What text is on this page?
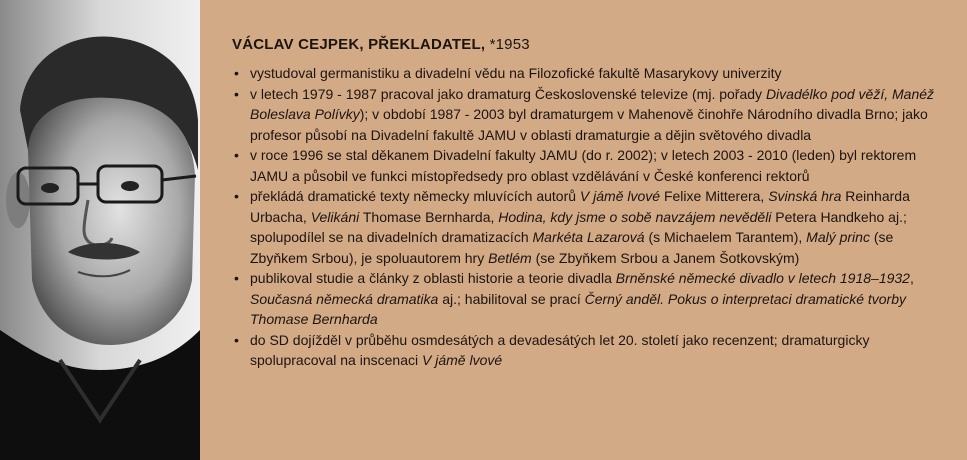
VÁCLAV CEJPEK, PŘEKLADATEL, *1953
• vystudoval germanistiku a divadelní vědu na Filozofické fakultě Masarykovy univerzity
• v letech 1979 - 1987 pracoval jako dramaturg Československé televize (mj. pořady Divadélko pod věží, Manéž Boleslava Polívky); v období 1987 - 2003 byl dramaturgem v Mahenově činohře Národního divadla Brno; jako profesor působí na Divadelní fakultě JAMU v oblasti dramaturgie a dějin světového divadla
• v roce 1996 se stal děkanem Divadelní fakulty JAMU (do r. 2002); v letech 2003 - 2010 (leden) byl rektorem JAMU a působil ve funkci místopředsedy pro oblast vzdělávání v České konferenci rektorů
• překládá dramatické texty německy mluvících autorů V jámě lvové Felixe Mitterera, Svinská hra Reinharda Urbacha, Velikáni Thomase Bernharda, Hodina, kdy jsme o sobě navzájem nevěděli Petera Handkeho aj.; spolupodílel se na divadelních dramatizacích Markéta Lazarová (s Michaelem Tarantem), Malý princ (se Zbyňkem Srbou), je spoluautorem hry Betlém (se Zbyňkem Srbou a Janem Šotkovským)
• publikoval studie a články z oblasti historie a teorie divadla Brněnské německé divadlo v letech 1918–1932, Současná německá dramatika aj.; habilitoval se prací Černý anděl. Pokus o interpretaci dramatické tvorby Thomase Bernharda
• do SD dojížděl v průběhu osmdesátých a devadesátých let 20. století jako recenzent; dramaturgicky spolupracoval na inscenaci V jámě lvové
